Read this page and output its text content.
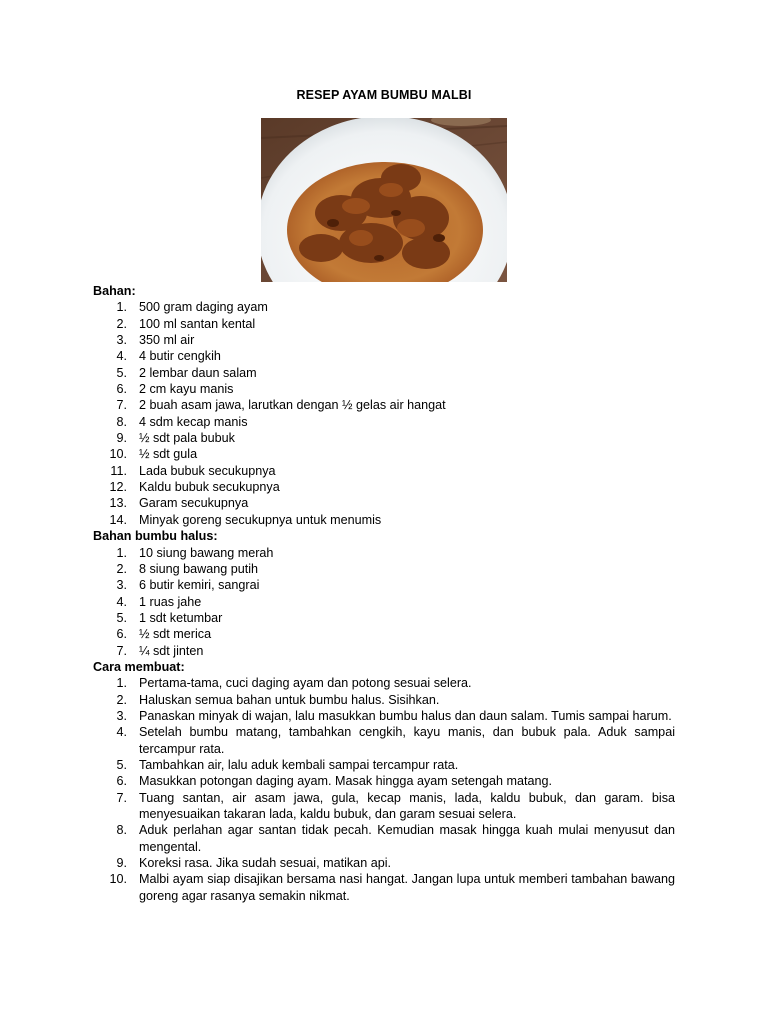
RESEP AYAM BUMBU MALBI
Bahan:
1. 500 gram daging ayam
2. 100 ml santan kental
3. 350 ml air
4. 4 butir cengkih
5. 2 lembar daun salam
6. 2 cm kayu manis
7. 2 buah asam jawa, larutkan dengan ½ gelas air hangat
8. 4 sdm kecap manis
9. ½ sdt pala bubuk
10. ½ sdt gula
11. Lada bubuk secukupnya
12. Kaldu bubuk secukupnya
13. Garam secukupnya
14. Minyak goreng secukupnya untuk menumis
Bahan bumbu halus:
1. 10 siung bawang merah
2. 8 siung bawang putih
3. 6 butir kemiri, sangrai
4. 1 ruas jahe
5. 1 sdt ketumbar
6. ½ sdt merica
7. ¼ sdt jinten
Cara membuat:
1. Pertama-tama, cuci daging ayam dan potong sesuai selera.
2. Haluskan semua bahan untuk bumbu halus. Sisihkan.
3. Panaskan minyak di wajan, lalu masukkan bumbu halus dan daun salam. Tumis sampai harum.
4. Setelah bumbu matang, tambahkan cengkih, kayu manis, dan bubuk pala. Aduk sampai tercampur rata.
5. Tambahkan air, lalu aduk kembali sampai tercampur rata.
6. Masukkan potongan daging ayam. Masak hingga ayam setengah matang.
7. Tuang santan, air asam jawa, gula, kecap manis, lada, kaldu bubuk, dan garam. bisa menyesuaikan takaran lada, kaldu bubuk, dan garam sesuai selera.
8. Aduk perlahan agar santan tidak pecah. Kemudian masak hingga kuah mulai menyusut dan mengental.
9. Koreksi rasa. Jika sudah sesuai, matikan api.
10. Malbi ayam siap disajikan bersama nasi hangat. Jangan lupa untuk memberi tambahan bawang goreng agar rasanya semakin nikmat.
